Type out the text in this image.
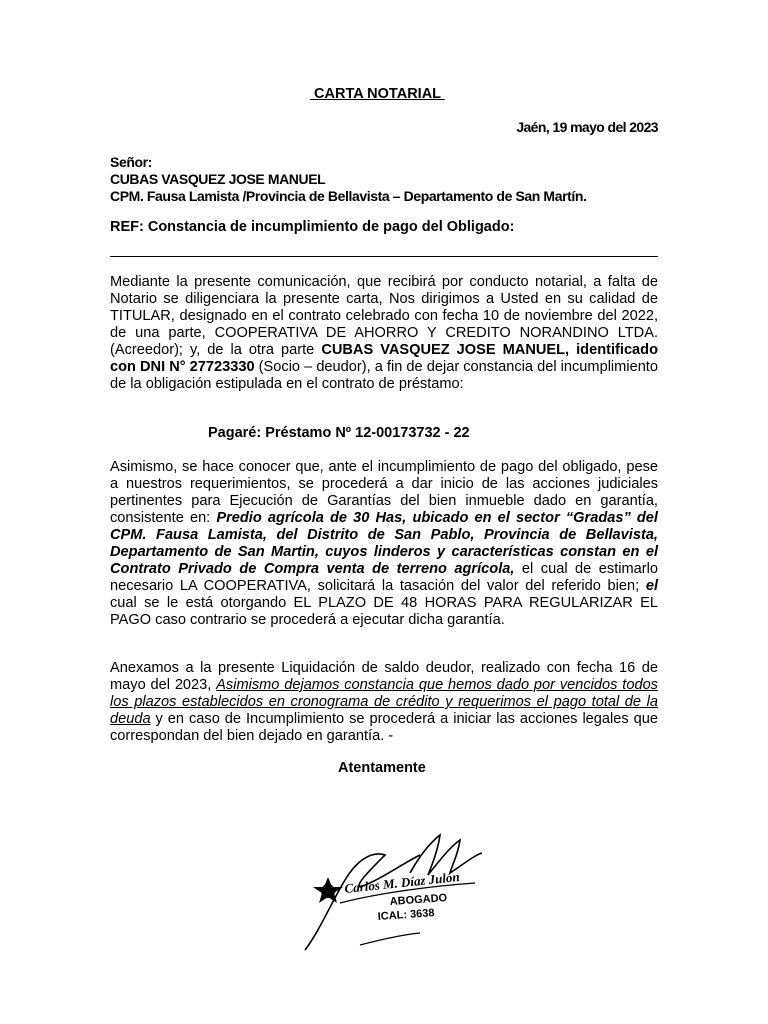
CARTA NOTARIAL
Jaén, 19 mayo del 2023
Señor:
CUBAS VASQUEZ JOSE MANUEL
CPM. Fausa Lamista /Provincia de Bellavista – Departamento de San Martín.
REF: Constancia de incumplimiento de pago del Obligado:
Mediante la presente comunicación, que recibirá por conducto notarial, a falta de Notario se diligenciara la presente carta, Nos dirigimos a Usted en su calidad de TITULAR, designado en el contrato celebrado con fecha 10 de noviembre del 2022, de una parte, COOPERATIVA DE AHORRO Y CREDITO NORANDINO LTDA. (Acreedor); y, de la otra parte CUBAS VASQUEZ JOSE MANUEL, identificado con DNI N° 27723330 (Socio – deudor), a fin de dejar constancia del incumplimiento de la obligación estipulada en el contrato de préstamo:
Pagaré: Préstamo Nº 12-00173732 - 22
Asimismo, se hace conocer que, ante el incumplimiento de pago del obligado, pese a nuestros requerimientos, se procederá a dar inicio de las acciones judiciales pertinentes para Ejecución de Garantías del bien inmueble dado en garantía, consistente en: Predio agrícola de 30 Has, ubicado en el sector “Gradas” del CPM. Fausa Lamista, del Distrito de San Pablo, Provincia de Bellavista, Departamento de San Martin, cuyos linderos y características constan en el Contrato Privado de Compra venta de terreno agrícola, el cual de estimarlo necesario LA COOPERATIVA, solicitará la tasación del valor del referido bien; el cual se le está otorgando EL PLAZO DE 48 HORAS PARA REGULARIZAR EL PAGO caso contrario se procederá a ejecutar dicha garantía.
Anexamos a la presente Liquidación de saldo deudor, realizado con fecha 16 de mayo del 2023, Asimismo dejamos constancia que hemos dado por vencidos todos los plazos establecidos en cronograma de crédito y requerimos el pago total de la deuda y en caso de Incumplimiento se procederá a iniciar las acciones legales que correspondan del bien dejado en garantía. -
Atentamente
Carlos M. Díaz Julón
ABOGADO
ICAL: 3638
